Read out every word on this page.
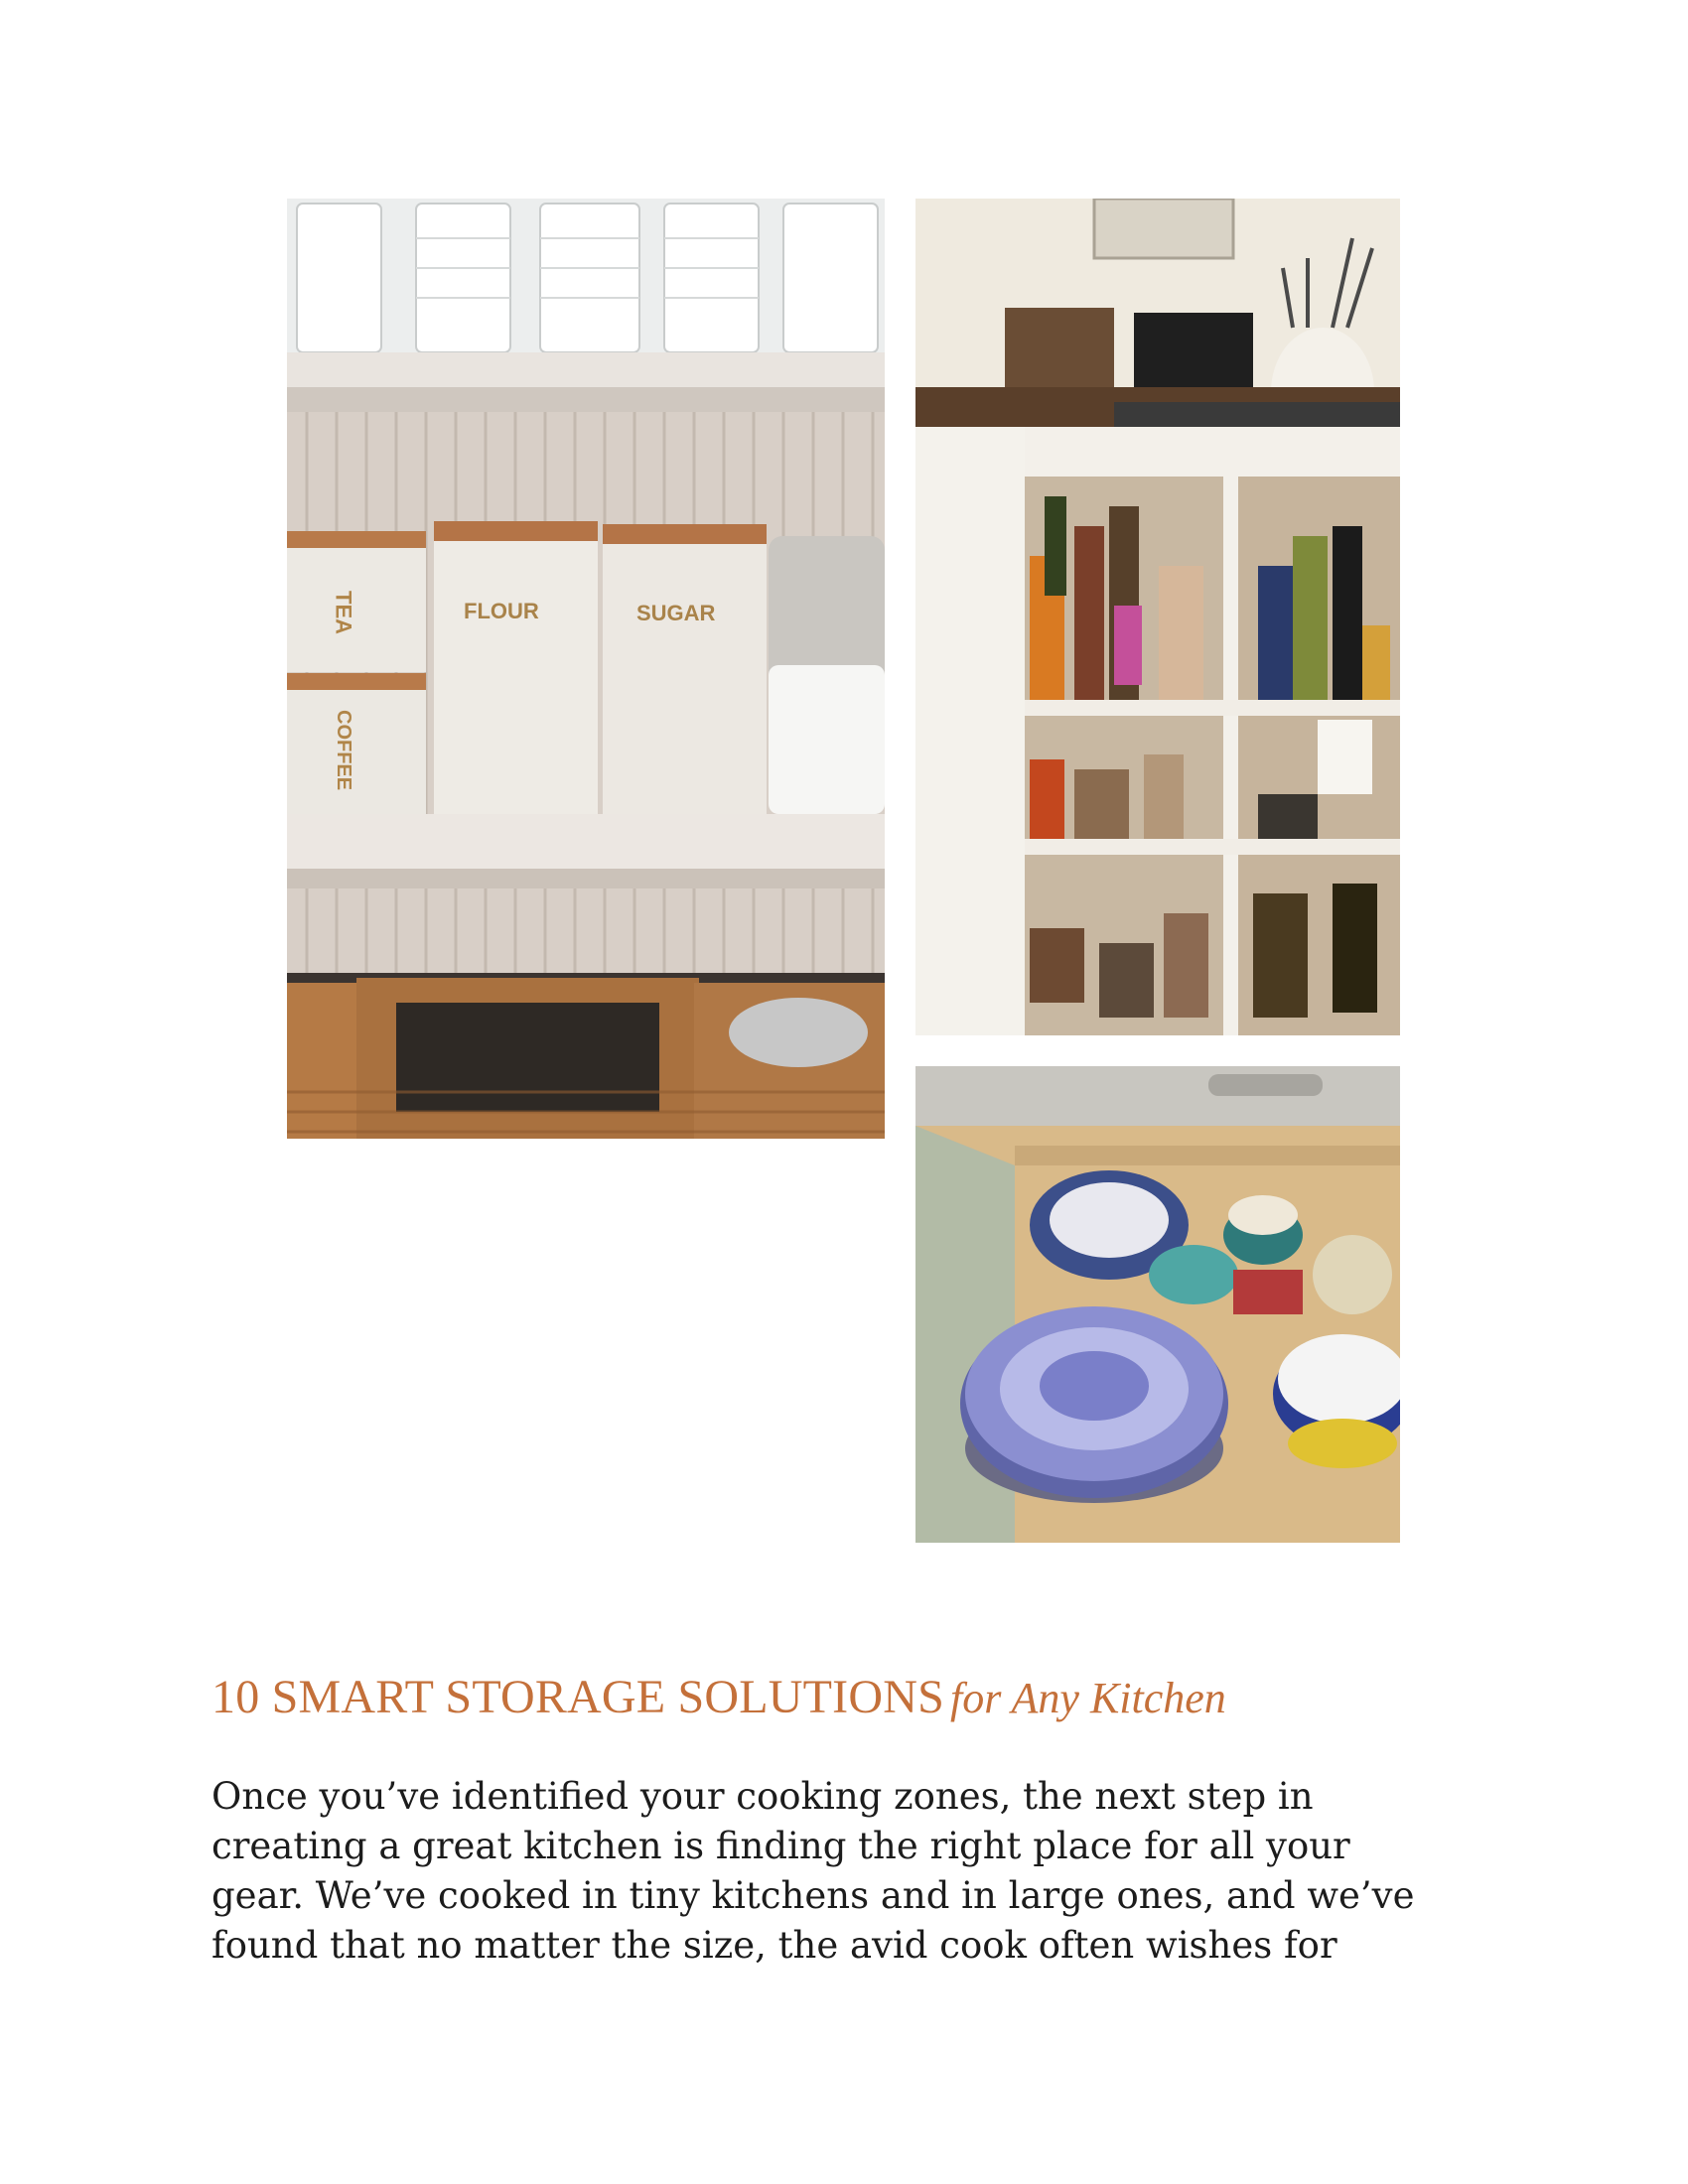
TEA
COFFEE
FLOUR	SUGAR
10 SMART STORAGE SOLUTIONS for Any Kitchen

Once you’ve identified your cooking zones, the next step in
creating a great kitchen is finding the right place for all your
gear. We’ve cooked in tiny kitchens and in large ones, and we’ve
found that no matter the size, the avid cook often wishes for
